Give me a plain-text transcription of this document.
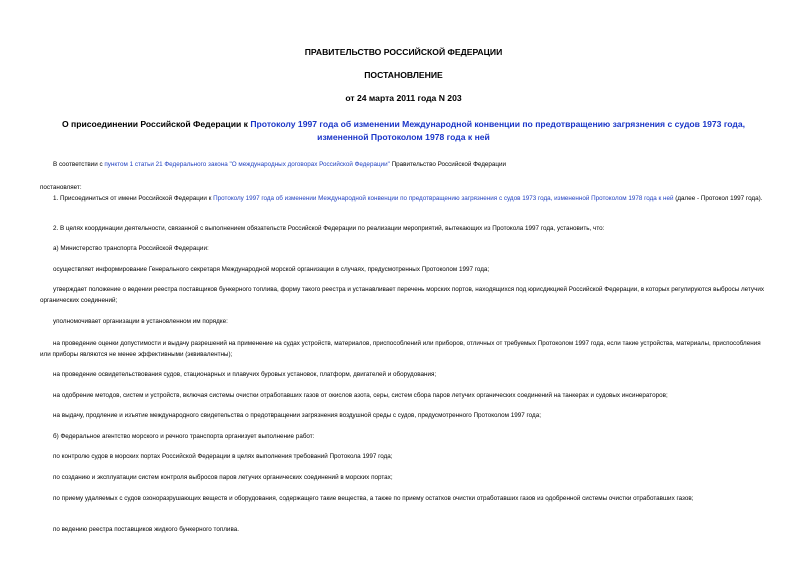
ПРАВИТЕЛЬСТВО РОССИЙСКОЙ ФЕДЕРАЦИИ
ПОСТАНОВЛЕНИЕ
от 24 марта 2011 года N 203
О присоединении Российской Федерации к Протоколу 1997 года об изменении Международной конвенции по предотвращению загрязнения с судов 1973 года, измененной Протоколом 1978 года к ней
В соответствии с пунктом 1 статьи 21 Федерального закона "О международных договорах Российской Федерации" Правительство Российской Федерации
постановляет:
1. Присоединиться от имени Российской Федерации к Протоколу 1997 года об изменении Международной конвенции по предотвращению загрязнения с судов 1973 года, измененной Протоколом 1978 года к ней (далее - Протокол 1997 года).
2. В целях координации деятельности, связанной с выполнением обязательств Российской Федерации по реализации мероприятий, вытекающих из Протокола 1997 года, установить, что:
а) Министерство транспорта Российской Федерации:
осуществляет информирование Генерального секретаря Международной морской организации в случаях, предусмотренных Протоколом 1997 года;
утверждает положение о ведении реестра поставщиков бункерного топлива, форму такого реестра и устанавливает перечень морских портов, находящихся под юрисдикцией Российской Федерации, в которых регулируются выбросы летучих органических соединений;
уполномочивает организации в установленном им порядке:
на проведение оценки допустимости и выдачу разрешений на применение на судах устройств, материалов, приспособлений или приборов, отличных от требуемых Протоколом 1997 года, если такие устройства, материалы, приспособления или приборы являются не менее эффективными (эквивалентны);
на проведение освидетельствования судов, стационарных и плавучих буровых установок, платформ, двигателей и оборудования;
на одобрение методов, систем и устройств, включая системы очистки отработавших газов от окислов азота, серы, систем сбора паров летучих органических соединений на танкерах и судовых инсинераторов;
на выдачу, продление и изъятие международного свидетельства о предотвращении загрязнения воздушной среды с судов, предусмотренного Протоколом 1997 года;
б) Федеральное агентство морского и речного транспорта организует выполнение работ:
по контролю судов в морских портах Российской Федерации в целях выполнения требований Протокола 1997 года;
по созданию и эксплуатации систем контроля выбросов паров летучих органических соединений в морских портах;
по приему удаляемых с судов озоноразрушающих веществ и оборудования, содержащего такие вещества, а также по приему остатков очистки отработавших газов из одобренной системы очистки отработавших газов;
по ведению реестра поставщиков жидкого бункерного топлива.
